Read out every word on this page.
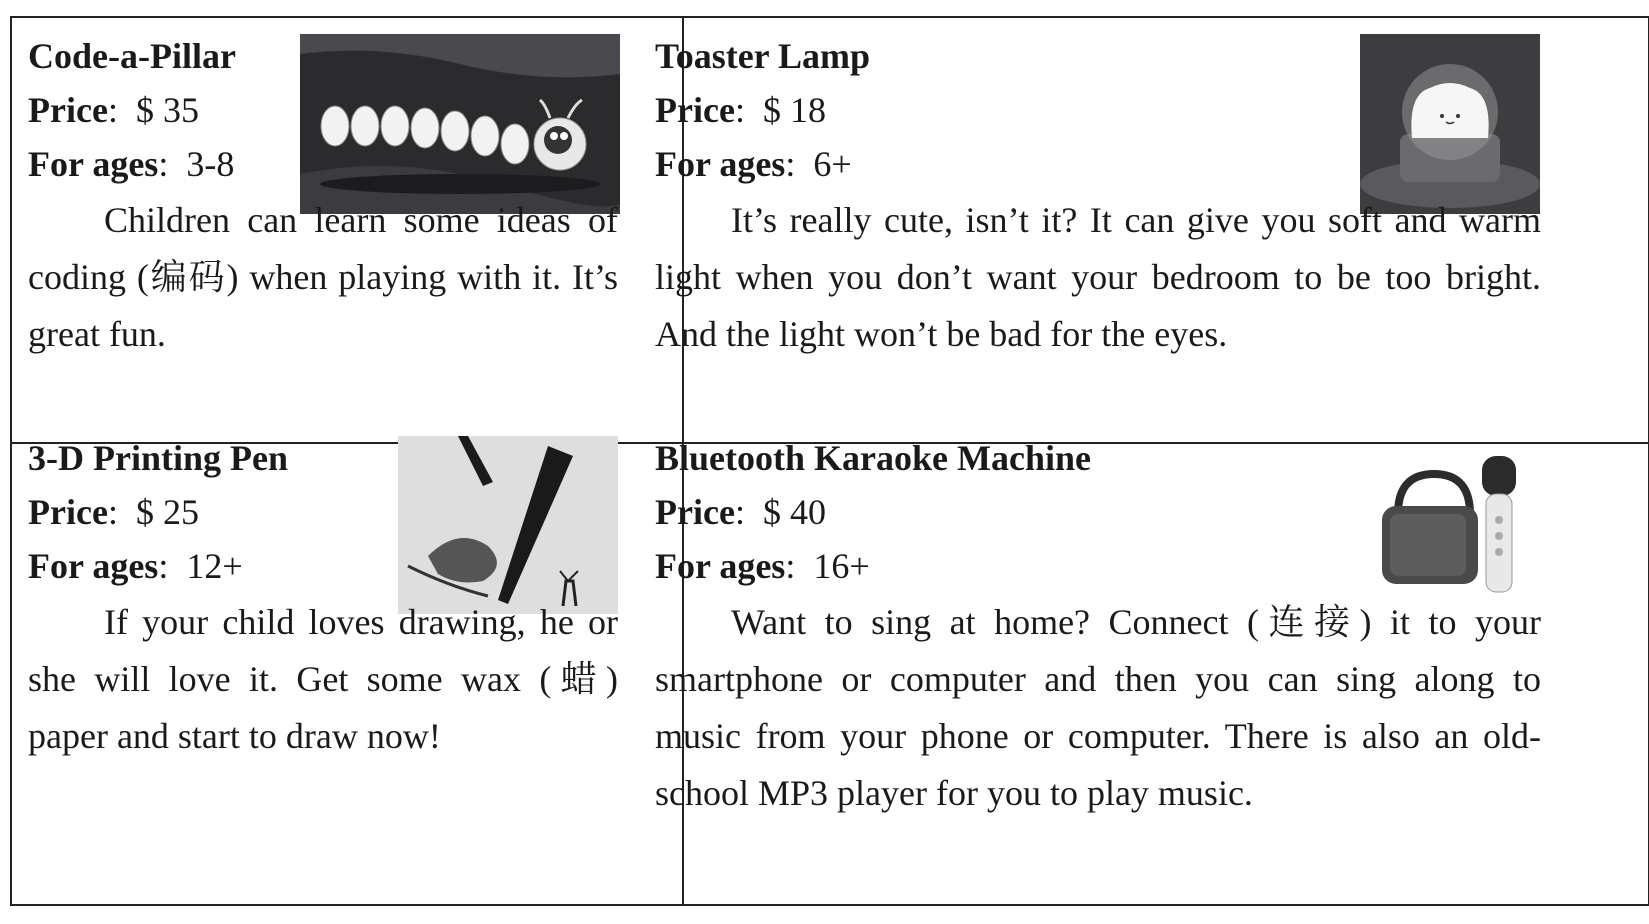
Code-a-Pillar
Price: $ 35
For ages: 3-8
Children can learn some ideas of coding (编码) when playing with it. It’s great fun.
Toaster Lamp
Price: $ 18
For ages: 6+
It’s really cute, isn’t it? It can give you soft and warm light when you don’t want your bedroom to be too bright. And the light won’t be bad for the eyes.
3-D Printing Pen
Price: $ 25
For ages: 12+
If your child loves drawing, he or she will love it. Get some wax (蜡) paper and start to draw now!
Bluetooth Karaoke Machine
Price: $ 40
For ages: 16+
Want to sing at home? Connect (连接) it to your smartphone or computer and then you can sing along to music from your phone or computer. There is also an old-school MP3 player for you to play music.
